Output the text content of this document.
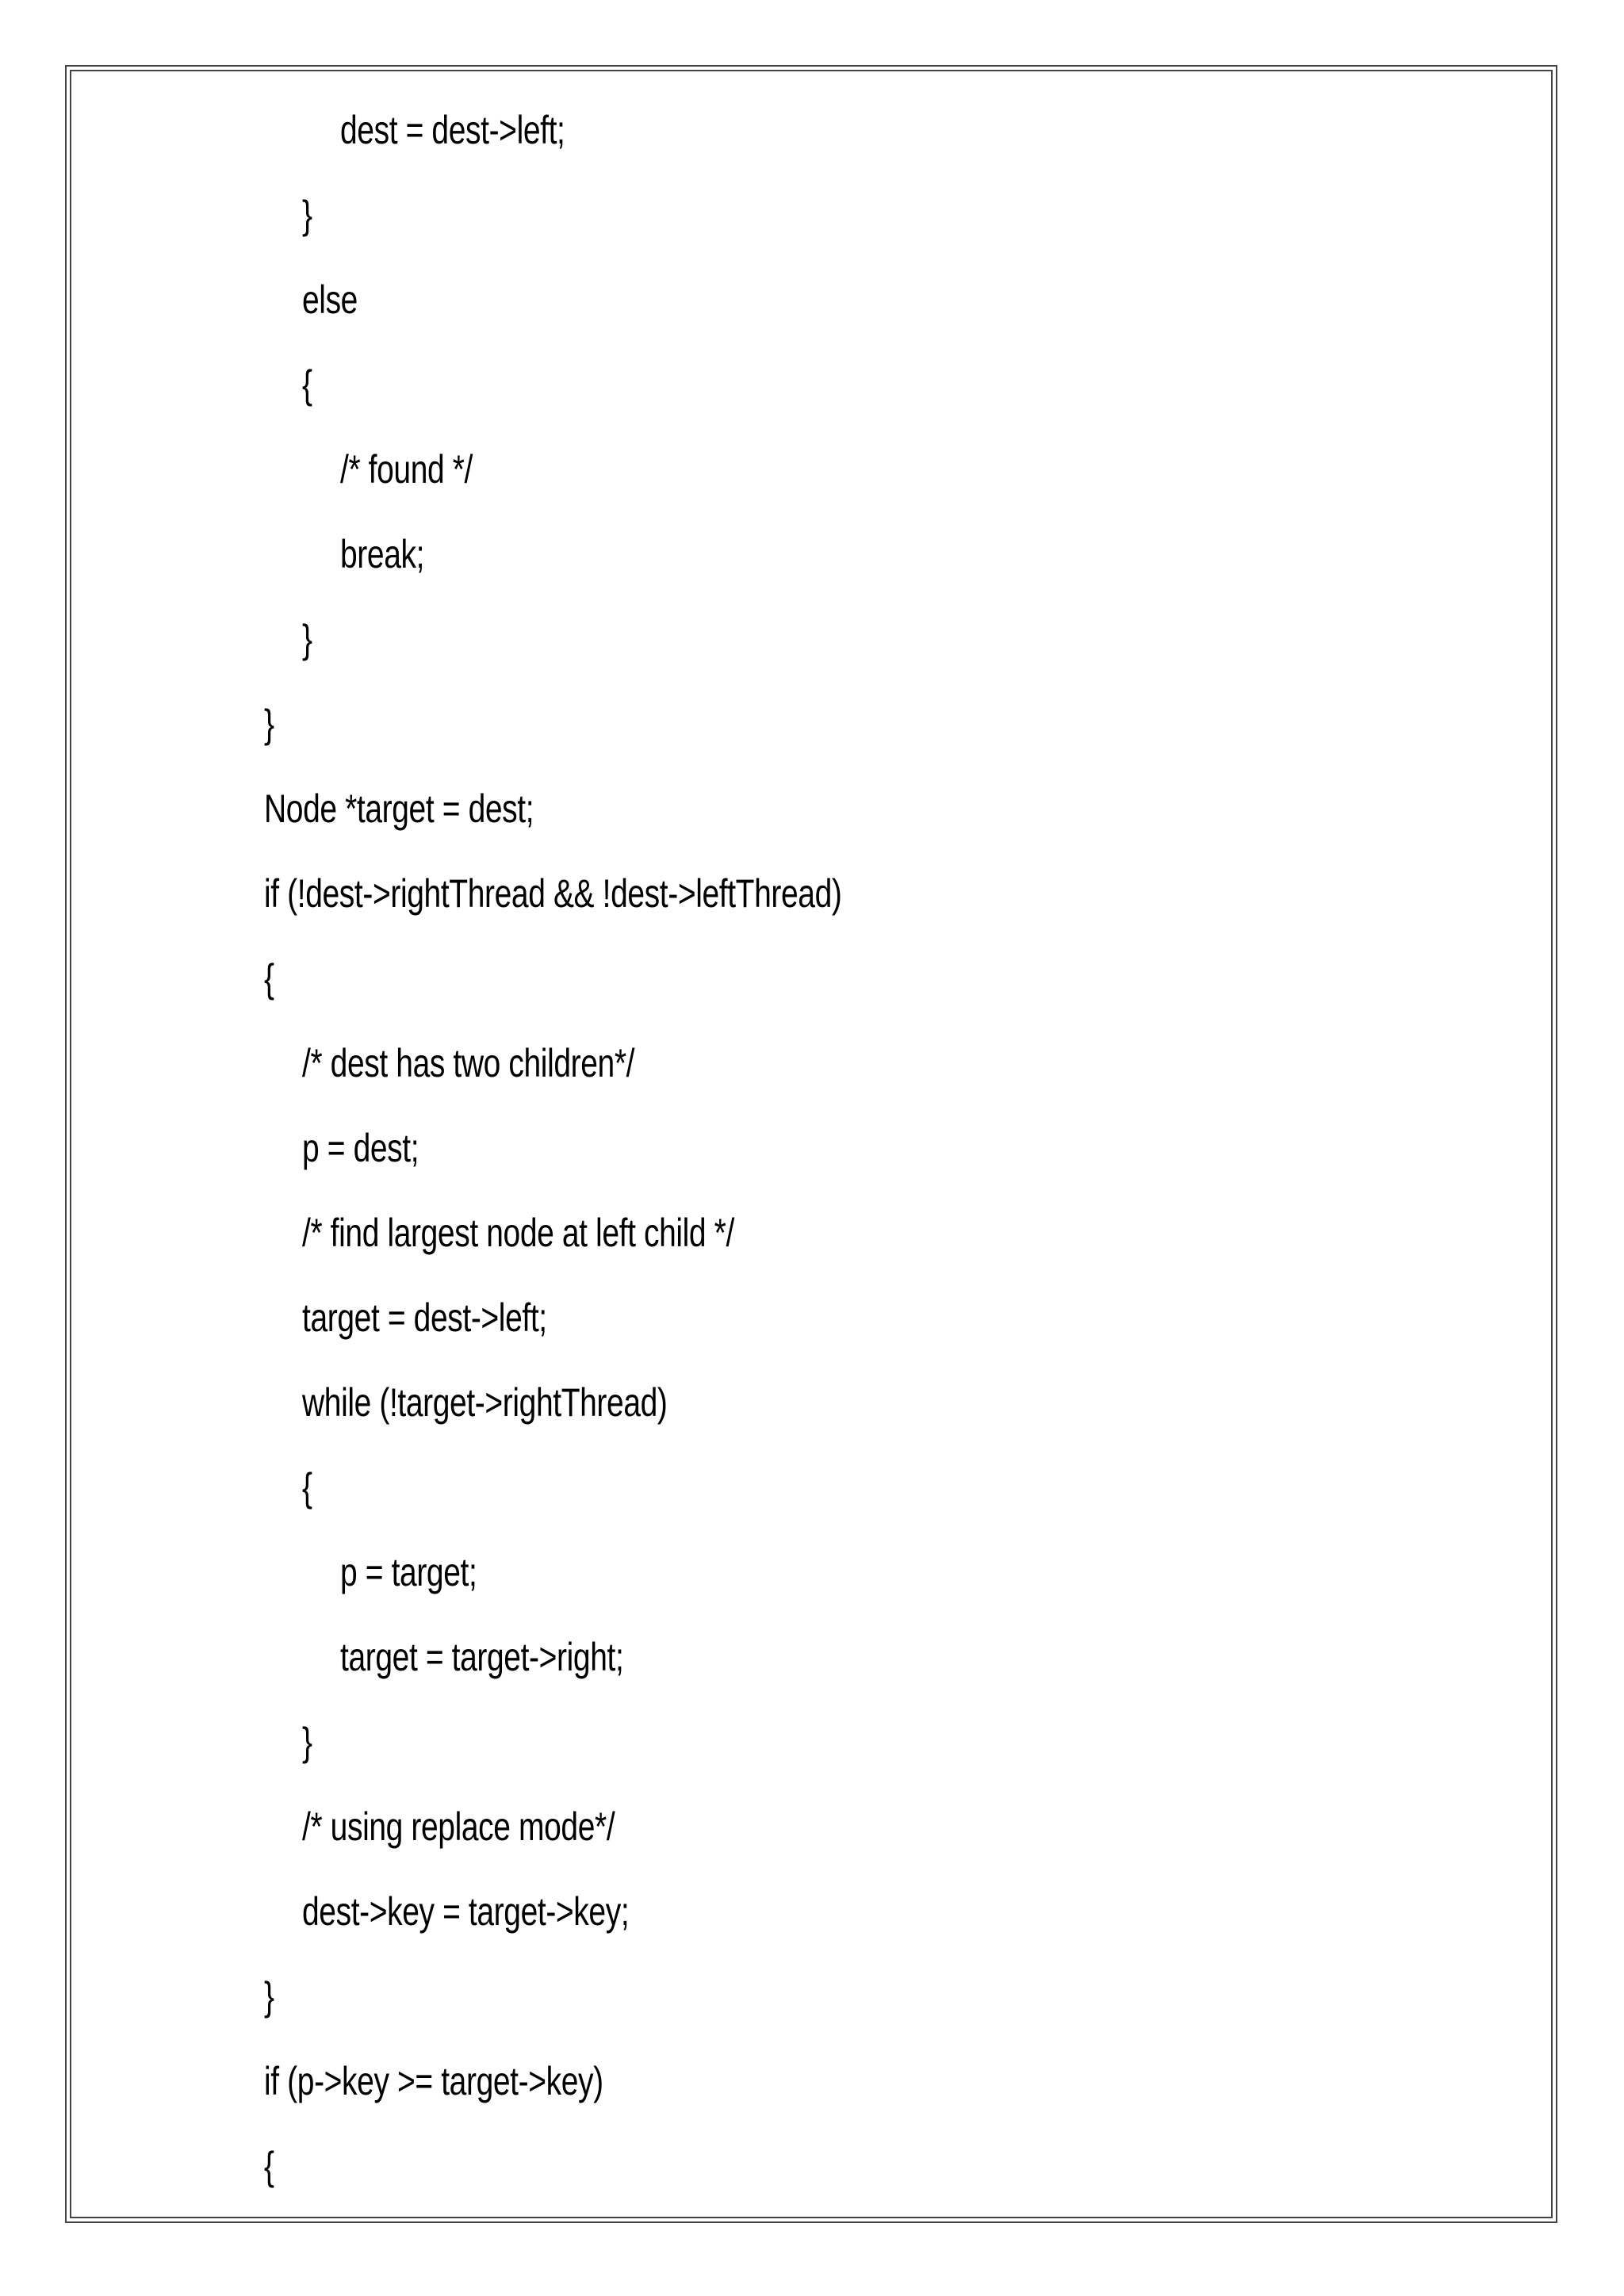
dest = dest->left;
}
else
{
/* found */
break;
}
}
Node *target = dest;
if (!dest->rightThread && !dest->leftThread)
{
/* dest has two children*/
p = dest;
/* find largest node at left child */
target = dest->left;
while (!target->rightThread)
{
p = target;
target = target->right;
}
/* using replace mode*/
dest->key = target->key;
}
if (p->key >= target->key)
{
